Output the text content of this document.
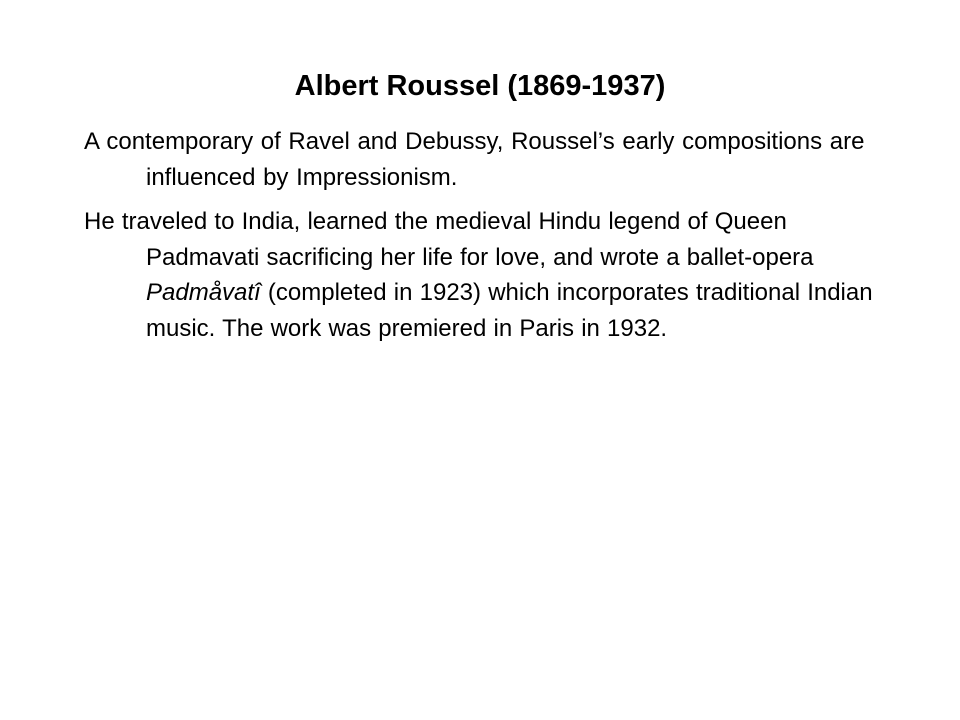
Albert Roussel (1869-1937)

A contemporary of Ravel and Debussy, Roussel’s early compositions are influenced by Impressionism.

He traveled to India, learned the medieval Hindu legend of Queen Padmavati sacrificing her life for love, and wrote a ballet-opera Padmåvatî (completed in 1923) which incorporates traditional Indian music. The work was premiered in Paris in 1932.
